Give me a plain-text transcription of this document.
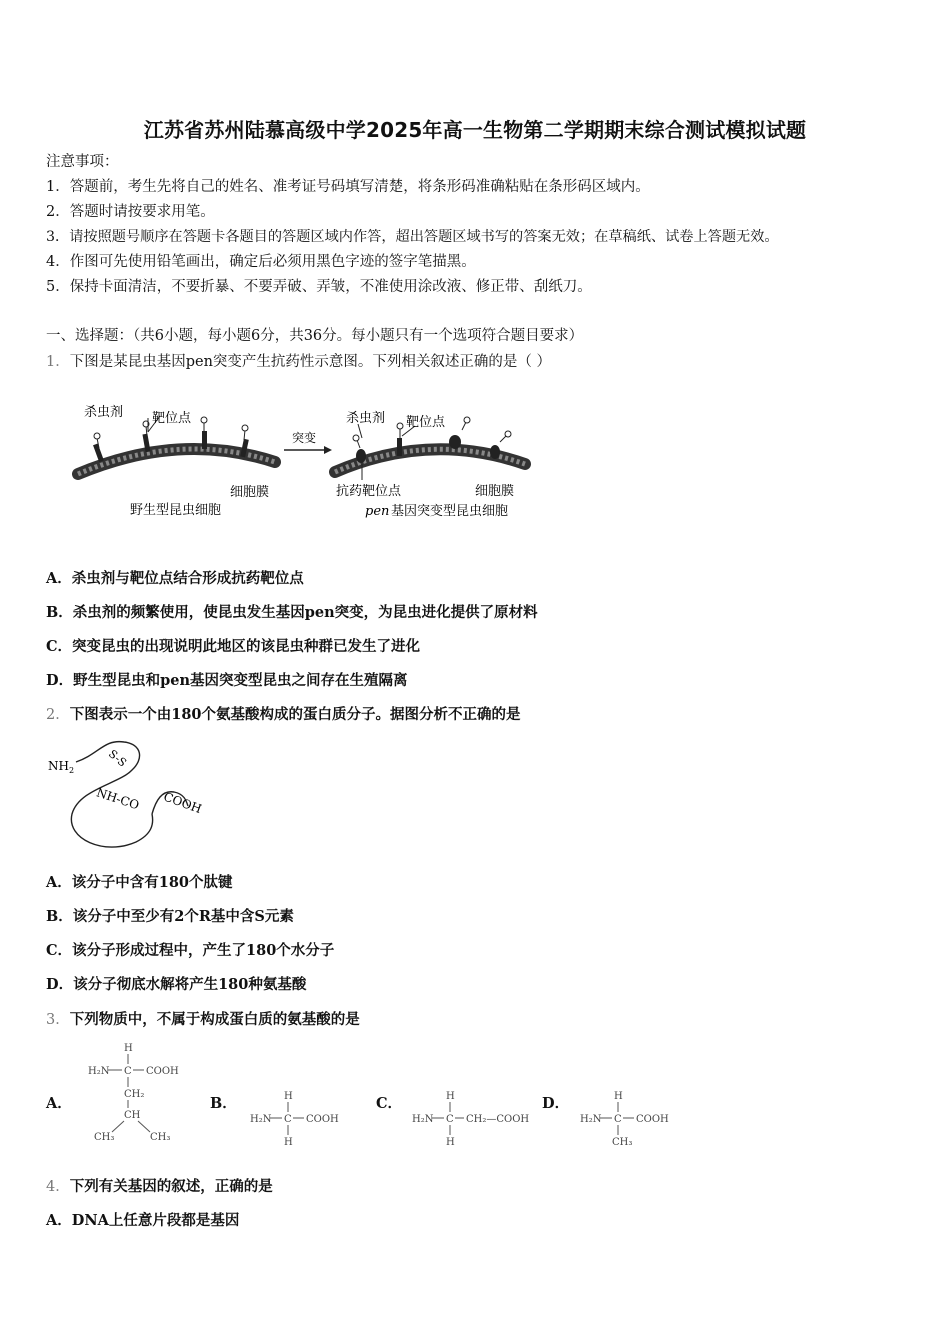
江苏省苏州陆慕高级中学2025年高一生物第二学期期末综合测试模拟试题
注意事项：
1．答题前，考生先将自己的姓名、准考证号码填写清楚，将条形码准确粘贴在条形码区域内。
2．答题时请按要求用笔。
3．请按照题号顺序在答题卡各题目的答题区域内作答，超出答题区域书写的答案无效；在草稿纸、试卷上答题无效。
4．作图可先使用铅笔画出，确定后必须用黑色字迹的签字笔描黑。
5．保持卡面清洁，不要折暴、不要弄破、弄皱，不准使用涂改液、修正带、刮纸刀。
一、选择题：（共6小题，每小题6分，共36分。每小题只有一个选项符合题目要求）
1．下图是某昆虫基因pen突变产生抗药性示意图。下列相关叙述正确的是（ ）
杀虫剂 靶位点
细胞膜
野生型昆虫细胞
突变
杀虫剂 靶位点
抗药靶位点	细胞膜
pen 基因突变型昆虫细胞
A．杀虫剂与靶位点结合形成抗药靶位点
B．杀虫剂的频繁使用，使昆虫发生基因pen突变，为昆虫进化提供了原材料
C．突变昆虫的出现说明此地区的该昆虫种群已发生了进化
D．野生型昆虫和pen基因突变型昆虫之间存在生殖隔离
2．下图表示一个由180个氨基酸构成的蛋白质分子。据图分析不正确的是
$NH_2$
S-S
NH-CO COOH
A．该分子中含有180个肽键
B．该分子中至少有2个R基中含S元素
C．该分子形成过程中，产生了180个水分子
D．该分子彻底水解将产生180种氨基酸
3．下列物质中，不属于构成蛋白质的氨基酸的是
A．	B．	C．	D．
H
H₂N C COOH
CH₂
CH
CH₃	CH₃
H
H₂N C COOH
H
H
H₂N C CH₂—COOH
H
H
H₂N C COOH
CH₃
4．下列有关基因的叙述，正确的是
A．DNA上任意片段都是基因
